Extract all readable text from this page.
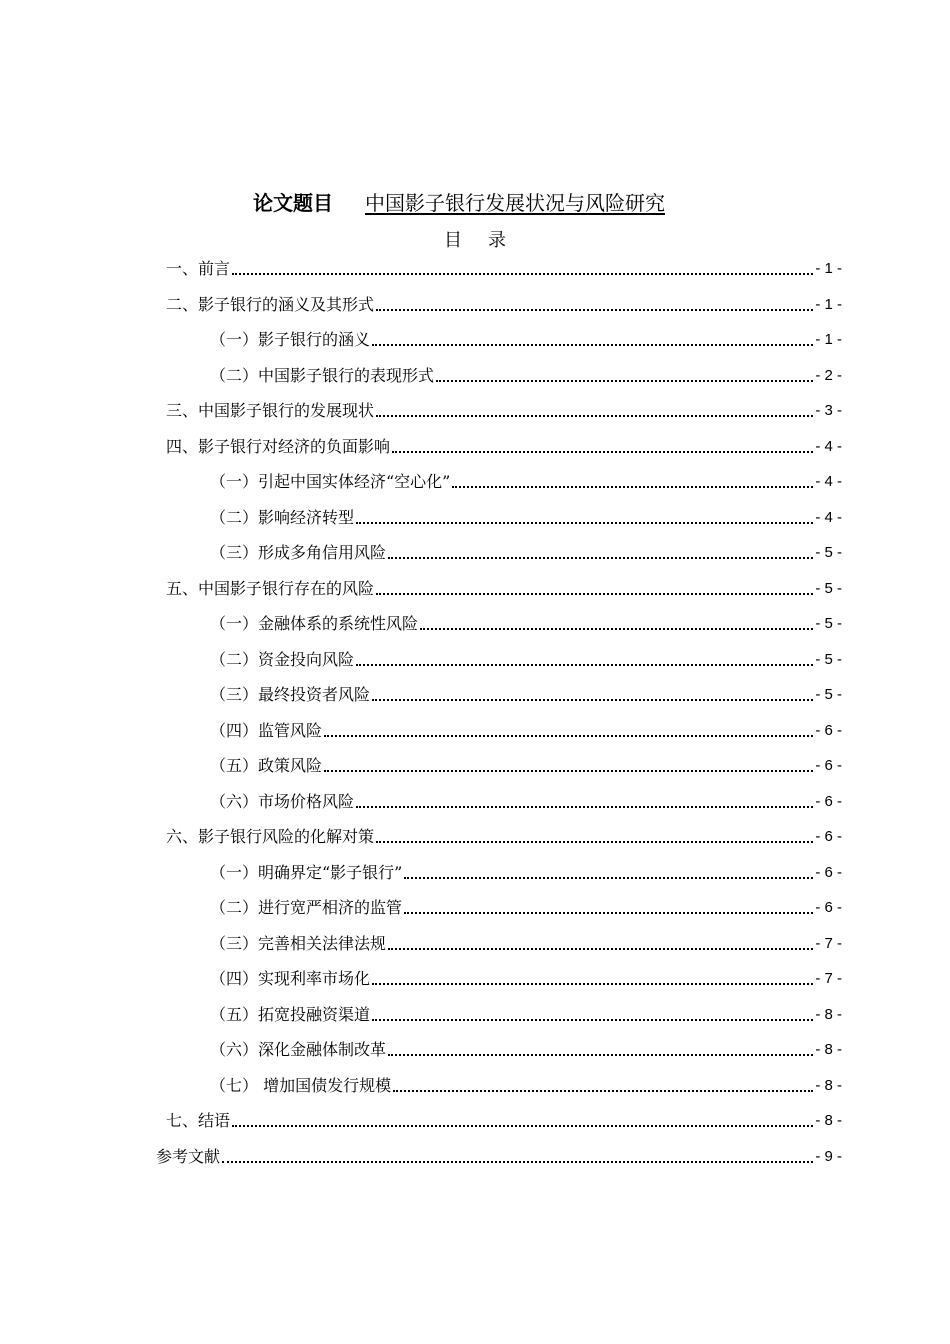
论文题目 中国影子银行发展状况与风险研究
目录
一、前言	- 1 -
二、影子银行的涵义及其形式	- 1 -
（一）影子银行的涵义	- 1 -
（二）中国影子银行的表现形式	- 2 -
三、中国影子银行的发展现状	- 3 -
四、影子银行对经济的负面影响	- 4 -
（一）引起中国实体经济“空心化”	- 4 -
（二）影响经济转型	- 4 -
（三）形成多角信用风险	- 5 -
五、中国影子银行存在的风险	- 5 -
（一）金融体系的系统性风险	- 5 -
（二）资金投向风险	- 5 -
（三）最终投资者风险	- 5 -
（四）监管风险	- 6 -
（五）政策风险	- 6 -
（六）市场价格风险	- 6 -
六、影子银行风险的化解对策	- 6 -
（一）明确界定“影子银行”	- 6 -
（二）进行宽严相济的监管	- 6 -
（三）完善相关法律法规	- 7 -
（四）实现利率市场化	- 7 -
（五）拓宽投融资渠道	- 8 -
（六）深化金融体制改革	- 8 -
（七） 增加国债发行规模	- 8 -
七、结语	- 8 -
参考文献	- 9 -
